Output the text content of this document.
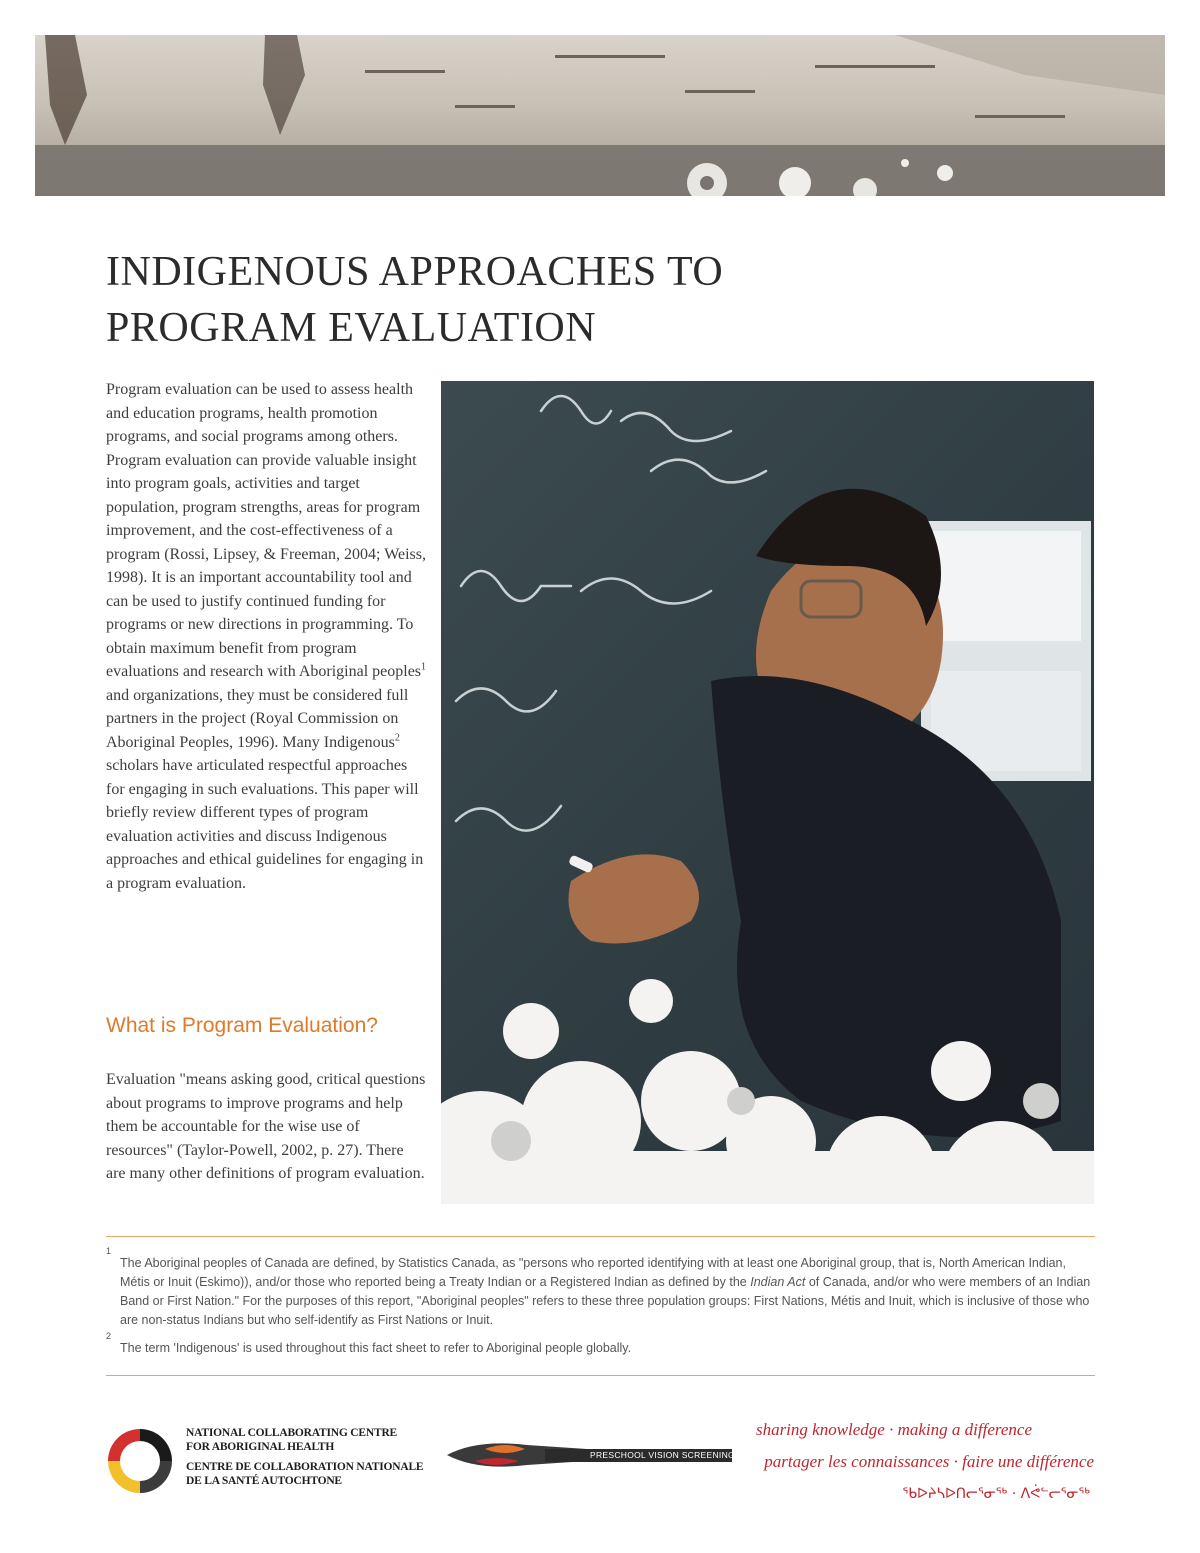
INDIGENOUS APPROACHES TO
PROGRAM EVALUATION

Program evaluation can be used to assess health and education programs, health promotion programs, and social programs among others. Program evaluation can provide valuable insight into program goals, activities and target population, program strengths, areas for program improvement, and the cost-effectiveness of a program (Rossi, Lipsey, & Freeman, 2004; Weiss, 1998). It is an important accountability tool and can be used to justify continued funding for programs or new directions in programming. To obtain maximum benefit from program evaluations and research with Aboriginal peoples$^1$ and organizations, they must be considered full partners in the project (Royal Commission on Aboriginal Peoples, 1996). Many Indigenous$^2$ scholars have articulated respectful approaches for engaging in such evaluations. This paper will briefly review different types of program evaluation activities and discuss Indigenous approaches and ethical guidelines for engaging in a program evaluation.

What is Program Evaluation?

Evaluation "means asking good, critical questions about programs to improve programs and help them be accountable for the wise use of resources" (Taylor-Powell, 2002, p. 27). There are many other definitions of program evaluation.

1
The Aboriginal peoples of Canada are defined, by Statistics Canada, as "persons who reported identifying with at least one Aboriginal group, that is, North American Indian, Métis or Inuit (Eskimo)), and/or those who reported being a Treaty Indian or a Registered Indian as defined by the Indian Act of Canada, and/or who were members of an Indian Band or First Nation." For the purposes of this report, "Aboriginal peoples" refers to these three population groups: First Nations, Métis and Inuit, which is inclusive of those who are non-status Indians but who self-identify as First Nations or Inuit.

2
The term 'Indigenous' is used throughout this fact sheet to refer to Aboriginal people globally.

NATIONAL COLLABORATING CENTRE
FOR ABORIGINAL HEALTH
CENTRE DE COLLABORATION NATIONALE
DE LA SANTÉ AUTOCHTONE
PRESCHOOL VISION SCREENING
sharing knowledge · making a difference
partager les connaissances · faire une différence
ᖃᐅᔨᓴᐅᑎᓕᕐᓂᖅ · ᐱᕚᓪᓕᕐᓂᖅ
